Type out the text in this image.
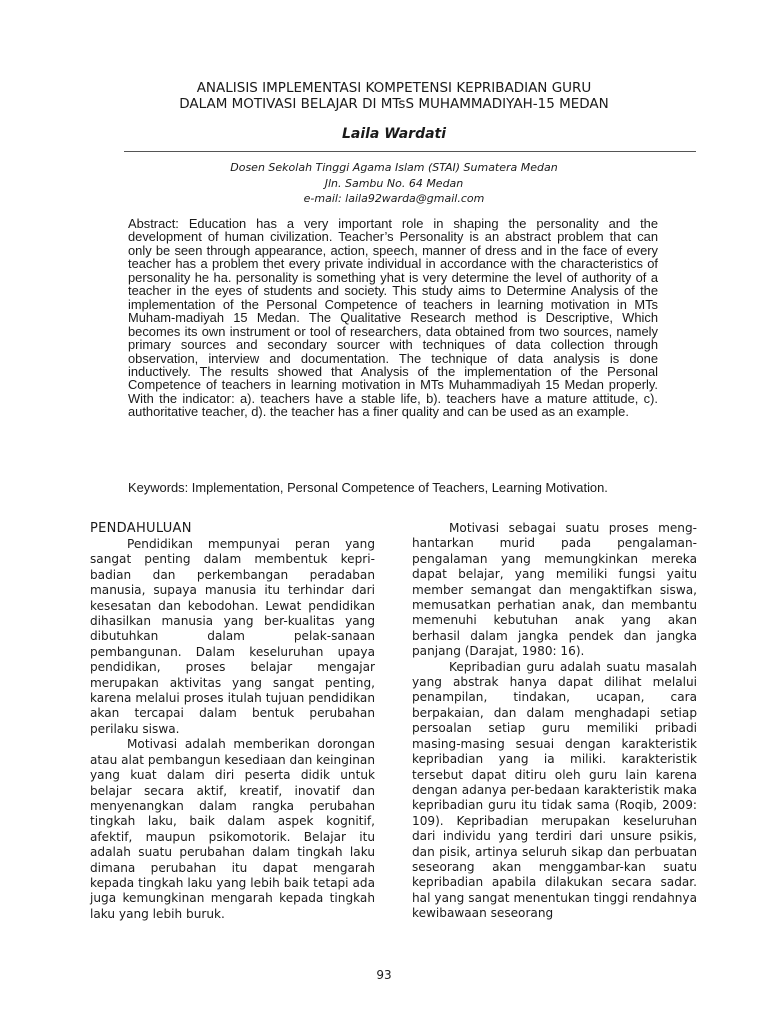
ANALISIS IMPLEMENTASI KOMPETENSI KEPRIBADIAN GURU
DALAM MOTIVASI BELAJAR DI MTsS MUHAMMADIYAH-15 MEDAN
Laila Wardati
Dosen Sekolah Tinggi Agama Islam (STAI) Sumatera Medan
Jln. Sambu No. 64 Medan
e-mail: laila92warda@gmail.com

Abstract: Education has a very important role in shaping the personality and the development of human civilization. Teacher’s Personality is an abstract problem that can only be seen through appearance, action, speech, manner of dress and in the face of every teacher has a problem thet every private individual in accordance with the characteristics of personality he ha. personality is something yhat is very determine the level of authority of a teacher in the eyes of students and society. This study aims to Determine Analysis of the implementation of the Personal Competence of teachers in learning motivation in MTs Muham-madiyah 15 Medan. The Qualitative Research method is Descriptive, Which becomes its own instrument or tool of researchers, data obtained from two sources, namely primary sources and secondary sourcer with techniques of data collection through observation, interview and documentation. The technique of data analysis is done inductively. The results showed that Analysis of the implementation of the Personal Competence of teachers in learning motivation in MTs Muhammadiyah 15 Medan properly. With the indicator: a). teachers have a stable life, b). teachers have a mature attitude, c). authoritative teacher, d). the teacher has a finer quality and can be used as an example.

Keywords: Implementation, Personal Competence of Teachers, Learning Motivation.

PENDAHULUAN

Pendidikan mempunyai peran yang sangat penting dalam membentuk kepri-badian dan perkembangan peradaban manusia, supaya manusia itu terhindar dari kesesatan dan kebodohan. Lewat pendidikan dihasilkan manusia yang ber-kualitas yang dibutuhkan dalam pelak-sanaan pembangunan. Dalam keseluruhan upaya pendidikan, proses belajar mengajar merupakan aktivitas yang sangat penting, karena melalui proses itulah tujuan pendidikan akan tercapai dalam bentuk perubahan perilaku siswa.

Motivasi adalah memberikan dorongan atau alat pembangun kesediaan dan keinginan yang kuat dalam diri peserta didik untuk belajar secara aktif, kreatif, inovatif dan menyenangkan dalam rangka perubahan tingkah laku, baik dalam aspek kognitif, afektif, maupun psikomotorik. Belajar itu adalah suatu perubahan dalam tingkah laku dimana perubahan itu dapat mengarah kepada tingkah laku yang lebih baik tetapi ada juga kemungkinan mengarah kepada tingkah laku yang lebih buruk.

Motivasi sebagai suatu proses meng-hantarkan murid pada pengalaman-pengalaman yang memungkinkan mereka dapat belajar, yang memiliki fungsi yaitu member semangat dan mengaktifkan siswa, memusatkan perhatian anak, dan membantu memenuhi kebutuhan anak yang akan berhasil dalam jangka pendek dan jangka panjang (Darajat, 1980: 16).

Kepribadian guru adalah suatu masalah yang abstrak hanya dapat dilihat melalui penampilan, tindakan, ucapan, cara berpakaian, dan dalam menghadapi setiap persoalan setiap guru memiliki pribadi masing-masing sesuai dengan karakteristik kepribadian yang ia miliki. karakteristik tersebut dapat ditiru oleh guru lain karena dengan adanya per-bedaan karakteristik maka kepribadian guru itu tidak sama (Roqib, 2009: 109). Kepribadian merupakan keseluruhan dari individu yang terdiri dari unsure psikis, dan pisik, artinya seluruh sikap dan perbuatan seseorang akan menggambar-kan suatu kepribadian apabila dilakukan secara sadar. hal yang sangat menentukan tinggi rendahnya kewibawaan seseorang

93
